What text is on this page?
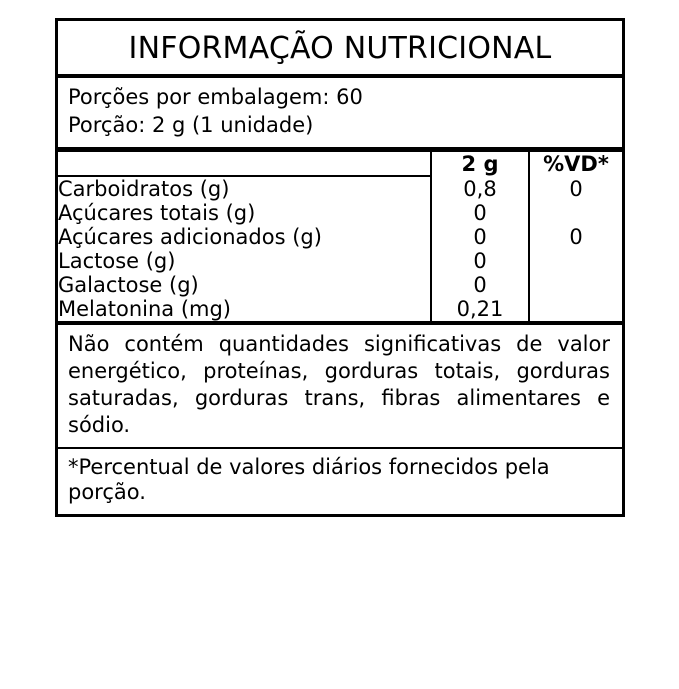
INFORMAÇÃO NUTRICIONAL
Porções por embalagem: 60
Porção: 2 g (1 unidade)
	2 g	%VD*
Carboidratos (g)	0,8	0
Açúcares totais (g)	0	
Açúcares adicionados (g)	0	0
Lactose (g)	0	
Galactose (g)	0	
Melatonina (mg)	0,21	
Não contém quantidades significativas de valor energético, proteínas, gorduras totais, gorduras saturadas, gorduras trans, fibras alimentares e sódio.
*Percentual de valores diários fornecidos pela porção.
